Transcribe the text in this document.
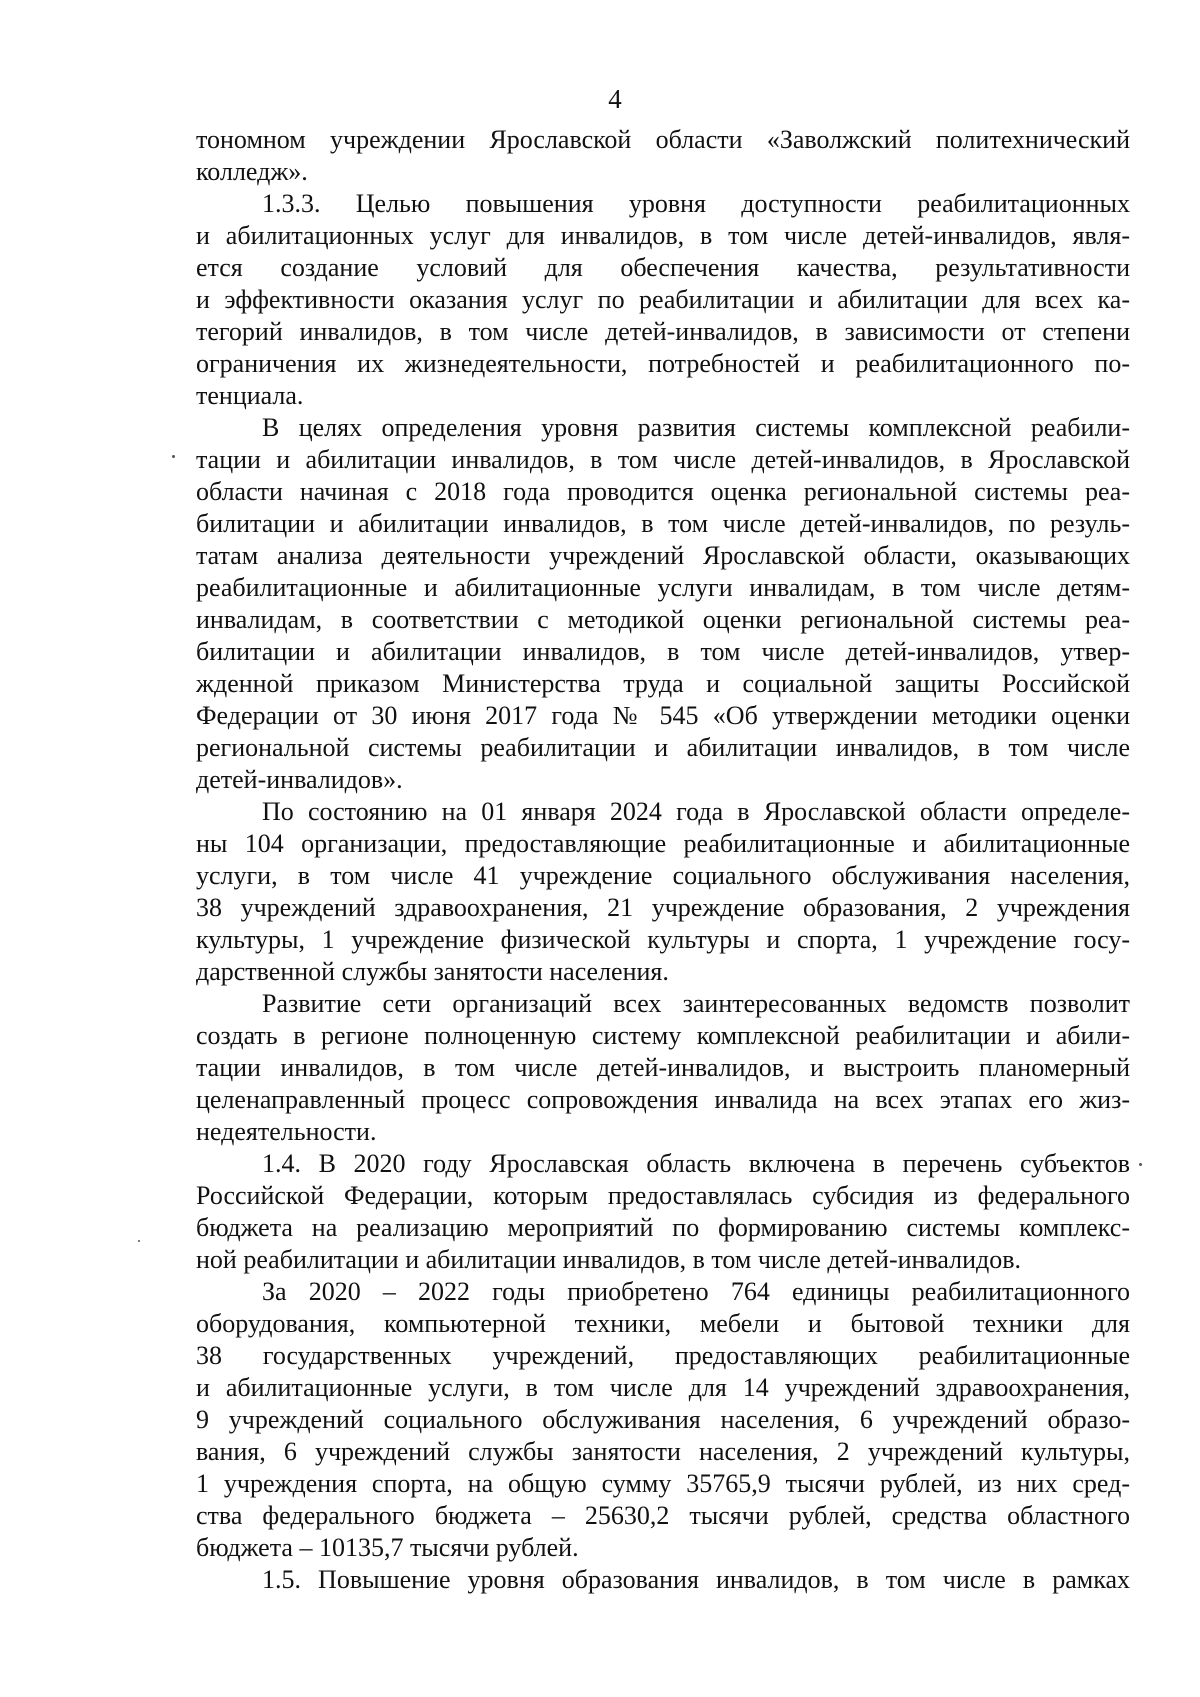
4
тономном учреждении Ярославской области «Заволжский политехнический
колледж».
1.3.3. Целью повышения уровня доступности реабилитационных
и абилитационных услуг для инвалидов, в том числе детей-инвалидов, явля-
ется создание условий для обеспечения качества, результативности
и эффективности оказания услуг по реабилитации и абилитации для всех ка-
тегорий инвалидов, в том числе детей-инвалидов, в зависимости от степени
ограничения их жизнедеятельности, потребностей и реабилитационного по-
тенциала.
В целях определения уровня развития системы комплексной реабили-
тации и абилитации инвалидов, в том числе детей-инвалидов, в Ярославской
области начиная с 2018 года проводится оценка региональной системы реа-
билитации и абилитации инвалидов, в том числе детей-инвалидов, по резуль-
татам анализа деятельности учреждений Ярославской области, оказывающих
реабилитационные и абилитационные услуги инвалидам, в том числе детям-
инвалидам, в соответствии с методикой оценки региональной системы реа-
билитации и абилитации инвалидов, в том числе детей-инвалидов, утвер-
жденной приказом Министерства труда и социальной защиты Российской
Федерации от 30 июня 2017 года № 545 «Об утверждении методики оценки
региональной системы реабилитации и абилитации инвалидов, в том числе
детей-инвалидов».
По состоянию на 01 января 2024 года в Ярославской области определе-
ны 104 организации, предоставляющие реабилитационные и абилитационные
услуги, в том числе 41 учреждение социального обслуживания населения,
38 учреждений здравоохранения, 21 учреждение образования, 2 учреждения
культуры, 1 учреждение физической культуры и спорта, 1 учреждение госу-
дарственной службы занятости населения.
Развитие сети организаций всех заинтересованных ведомств позволит
создать в регионе полноценную систему комплексной реабилитации и абили-
тации инвалидов, в том числе детей-инвалидов, и выстроить планомерный
целенаправленный процесс сопровождения инвалида на всех этапах его жиз-
недеятельности.
1.4. В 2020 году Ярославская область включена в перечень субъектов
Российской Федерации, которым предоставлялась субсидия из федерального
бюджета на реализацию мероприятий по формированию системы комплекс-
ной реабилитации и абилитации инвалидов, в том числе детей-инвалидов.
За 2020 – 2022 годы приобретено 764 единицы реабилитационного
оборудования, компьютерной техники, мебели и бытовой техники для
38 государственных учреждений, предоставляющих реабилитационные
и абилитационные услуги, в том числе для 14 учреждений здравоохранения,
9 учреждений социального обслуживания населения, 6 учреждений образо-
вания, 6 учреждений службы занятости населения, 2 учреждений культуры,
1 учреждения спорта, на общую сумму 35765,9 тысячи рублей, из них сред-
ства федерального бюджета – 25630,2 тысячи рублей, средства областного
бюджета – 10135,7 тысячи рублей.
1.5. Повышение уровня образования инвалидов, в том числе в рамках
